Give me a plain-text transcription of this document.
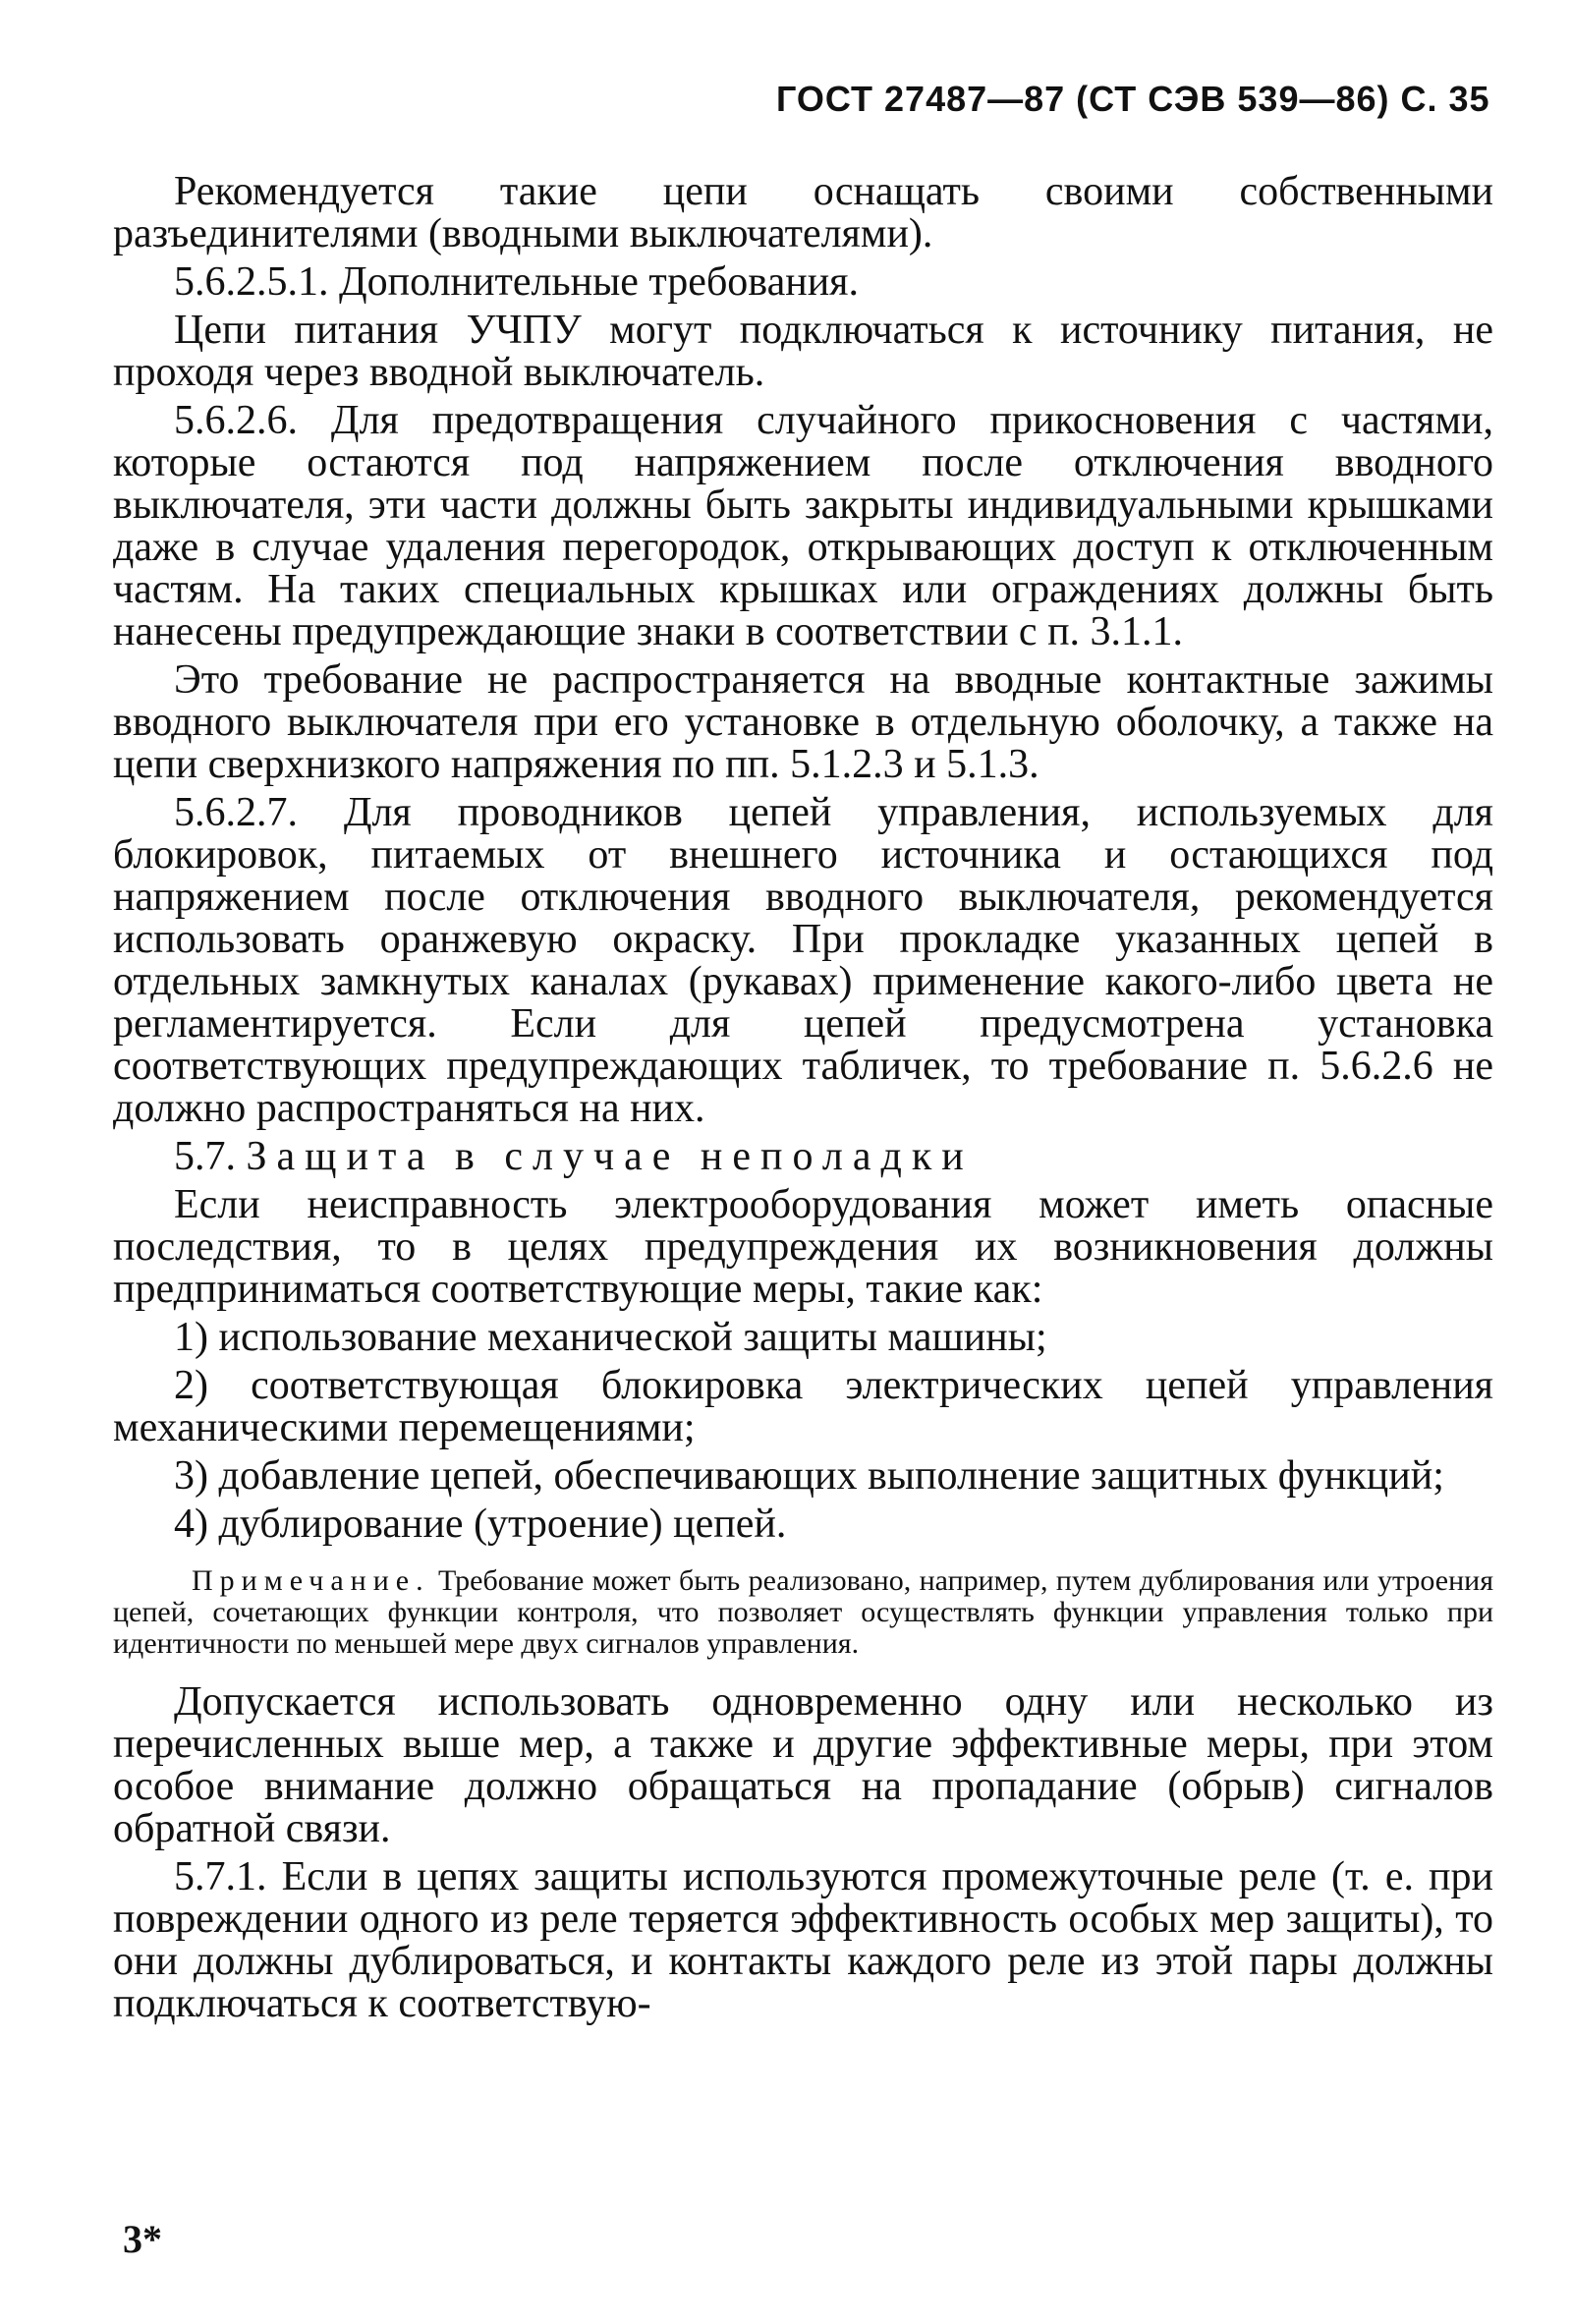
ГОСТ 27487—87 (СТ СЭВ 539—86) С. 35

Рекомендуется такие цепи оснащать своими собственными разъединителями (вводными выключателями).

5.6.2.5.1. Дополнительные требования.

Цепи питания УЧПУ могут подключаться к источнику питания, не проходя через вводной выключатель.

5.6.2.6. Для предотвращения случайного прикосновения с частями, которые остаются под напряжением после отключения вводного выключателя, эти части должны быть закрыты индивидуальными крышками даже в случае удаления перегородок, открывающих доступ к отключенным частям. На таких специальных крышках или ограждениях должны быть нанесены предупреждающие знаки в соответствии с п. 3.1.1.

Это требование не распространяется на вводные контактные зажимы вводного выключателя при его установке в отдельную оболочку, а также на цепи сверхнизкого напряжения по пп. 5.1.2.3 и 5.1.3.

5.6.2.7. Для проводников цепей управления, используемых для блокировок, питаемых от внешнего источника и остающихся под напряжением после отключения вводного выключателя, рекомендуется использовать оранжевую окраску. При прокладке указанных цепей в отдельных замкнутых каналах (рукавах) применение какого-либо цвета не регламентируется. Если для цепей предусмотрена установка соответствующих предупреждающих табличек, то требование п. 5.6.2.6 не должно распространяться на них.

5.7. Защита в случае неполадки

Если неисправность электрооборудования может иметь опасные последствия, то в целях предупреждения их возникновения должны предприниматься соответствующие меры, такие как:

1) использование механической защиты машины;

2) соответствующая блокировка электрических цепей управления механическими перемещениями;

3) добавление цепей, обеспечивающих выполнение защитных функций;

4) дублирование (утроение) цепей.

Примечание. Требование может быть реализовано, например, путем дублирования или утроения цепей, сочетающих функции контроля, что позволяет осуществлять функции управления только при идентичности по меньшей мере двух сигналов управления.

Допускается использовать одновременно одну или несколько из перечисленных выше мер, а также и другие эффективные меры, при этом особое внимание должно обращаться на пропадание (обрыв) сигналов обратной связи.

5.7.1. Если в цепях защиты используются промежуточные реле (т. е. при повреждении одного из реле теряется эффективность особых мер защиты), то они должны дублироваться, и контакты каждого реле из этой пары должны подключаться к соответствую-

3*
